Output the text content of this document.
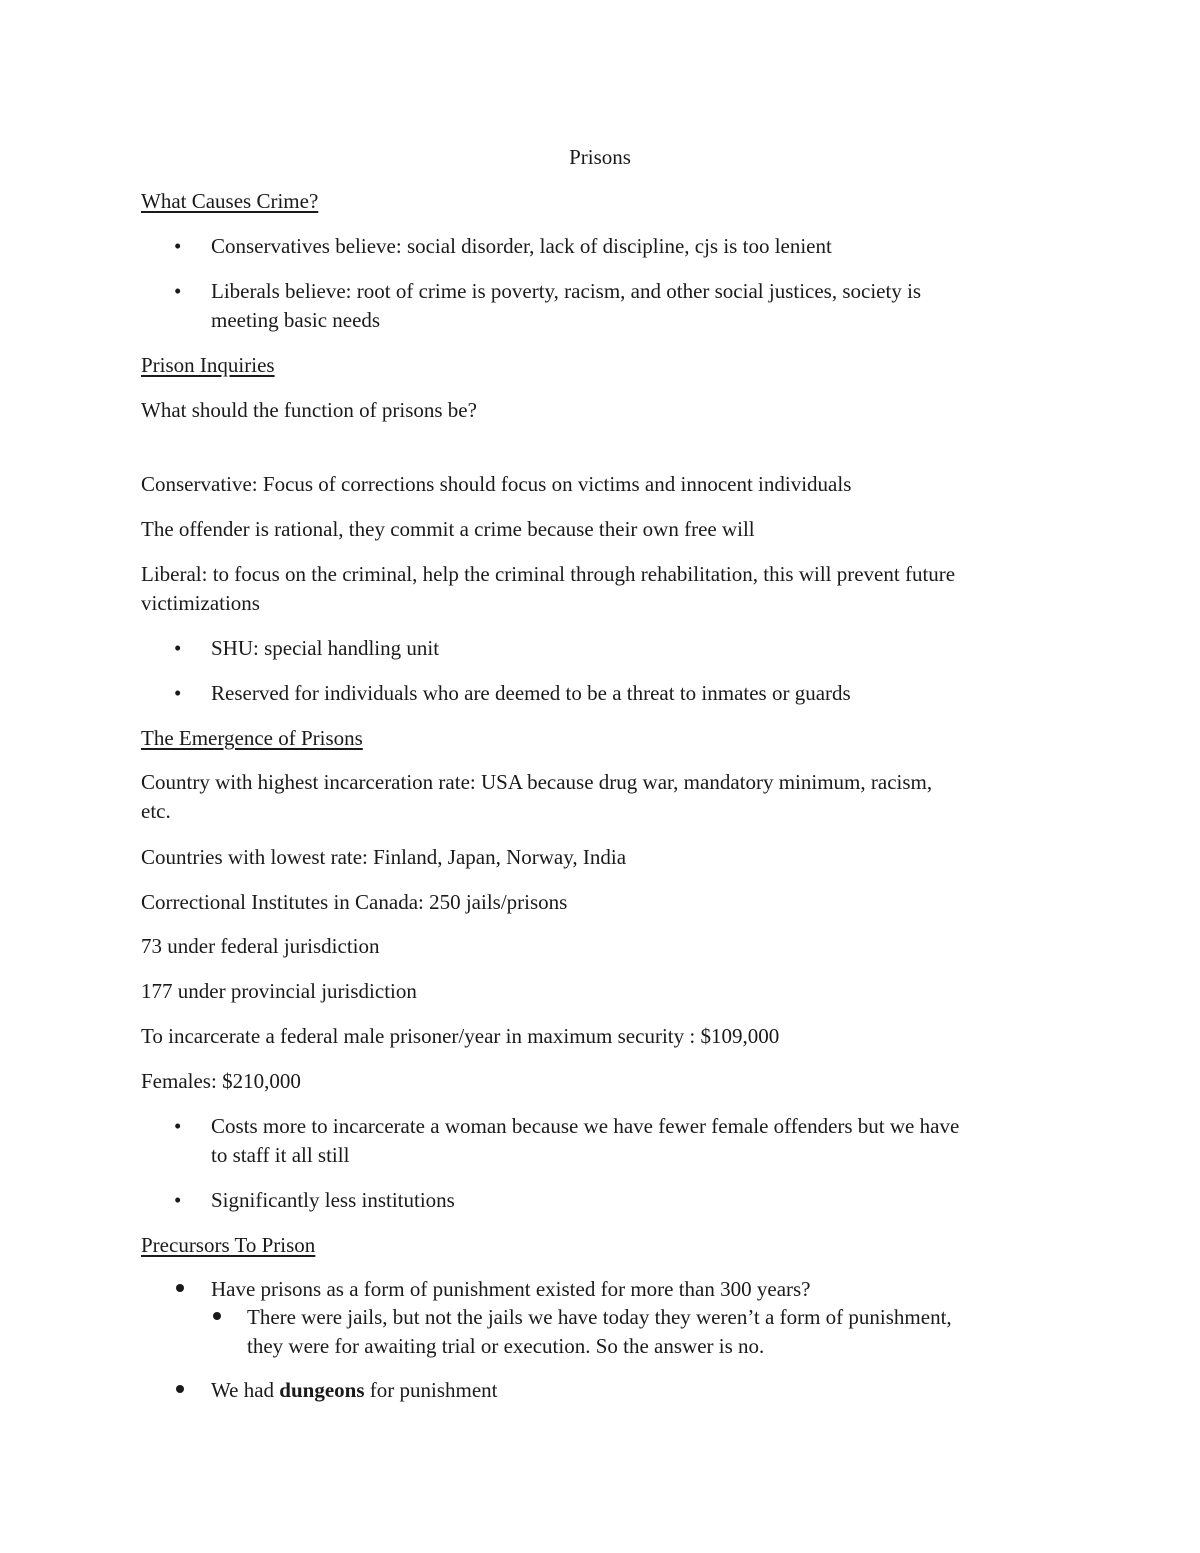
Prisons
What Causes Crime?
• Conservatives believe: social disorder, lack of discipline, cjs is too lenient
• Liberals believe: root of crime is poverty, racism, and other social justices, society is
meeting basic needs
Prison Inquiries
What should the function of prisons be?
Conservative: Focus of corrections should focus on victims and innocent individuals
The offender is rational, they commit a crime because their own free will
Liberal: to focus on the criminal, help the criminal through rehabilitation, this will prevent future
victimizations
• SHU: special handling unit
• Reserved for individuals who are deemed to be a threat to inmates or guards
The Emergence of Prisons
Country with highest incarceration rate: USA because drug war, mandatory minimum, racism,
etc.
Countries with lowest rate: Finland, Japan, Norway, India
Correctional Institutes in Canada: 250 jails/prisons
73 under federal jurisdiction
177 under provincial jurisdiction
To incarcerate a federal male prisoner/year in maximum security : $109,000
Females: $210,000
• Costs more to incarcerate a woman because we have fewer female offenders but we have
to staff it all still
• Significantly less institutions
Precursors To Prison
Have prisons as a form of punishment existed for more than 300 years?
There were jails, but not the jails we have today they weren’t a form of punishment,
they were for awaiting trial or execution. So the answer is no.
We had dungeons for punishment
